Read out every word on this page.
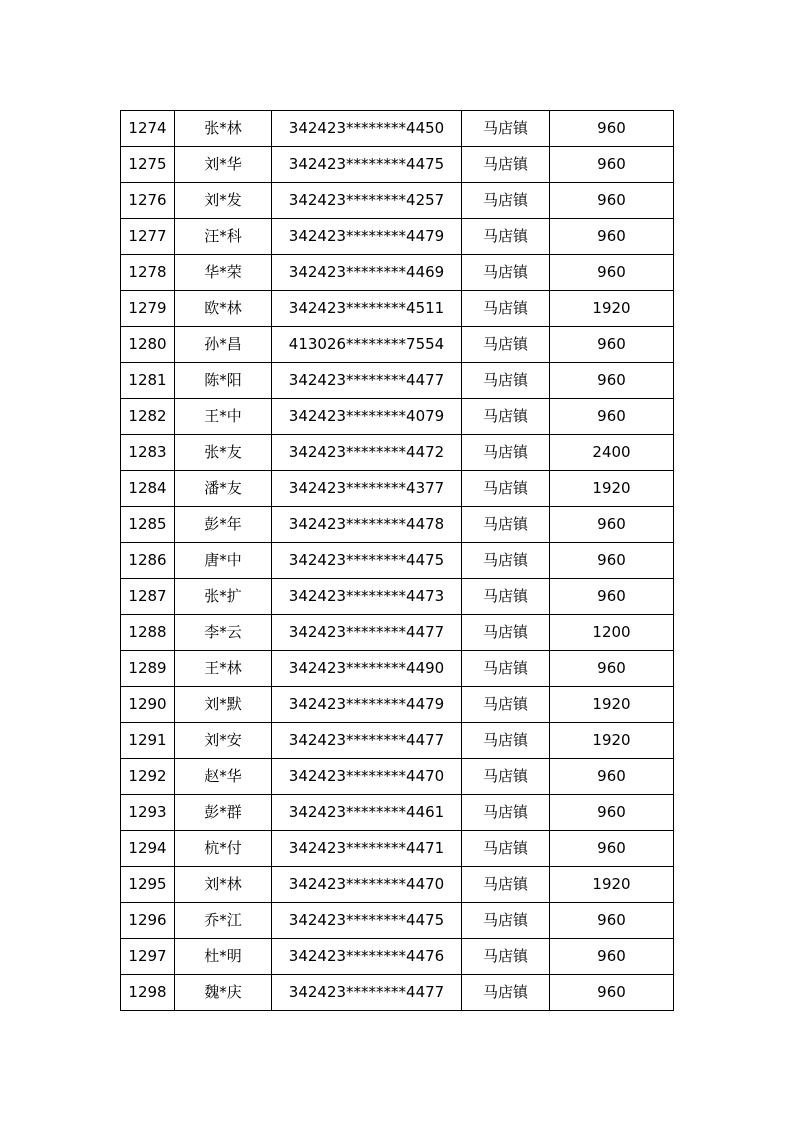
1274	张*林	342423********4450	马店镇	960
1275	刘*华	342423********4475	马店镇	960
1276	刘*发	342423********4257	马店镇	960
1277	汪*科	342423********4479	马店镇	960
1278	华*荣	342423********4469	马店镇	960
1279	欧*林	342423********4511	马店镇	1920
1280	孙*昌	413026********7554	马店镇	960
1281	陈*阳	342423********4477	马店镇	960
1282	王*中	342423********4079	马店镇	960
1283	张*友	342423********4472	马店镇	2400
1284	潘*友	342423********4377	马店镇	1920
1285	彭*年	342423********4478	马店镇	960
1286	唐*中	342423********4475	马店镇	960
1287	张*扩	342423********4473	马店镇	960
1288	李*云	342423********4477	马店镇	1200
1289	王*林	342423********4490	马店镇	960
1290	刘*默	342423********4479	马店镇	1920
1291	刘*安	342423********4477	马店镇	1920
1292	赵*华	342423********4470	马店镇	960
1293	彭*群	342423********4461	马店镇	960
1294	杭*付	342423********4471	马店镇	960
1295	刘*林	342423********4470	马店镇	1920
1296	乔*江	342423********4475	马店镇	960
1297	杜*明	342423********4476	马店镇	960
1298	魏*庆	342423********4477	马店镇	960
